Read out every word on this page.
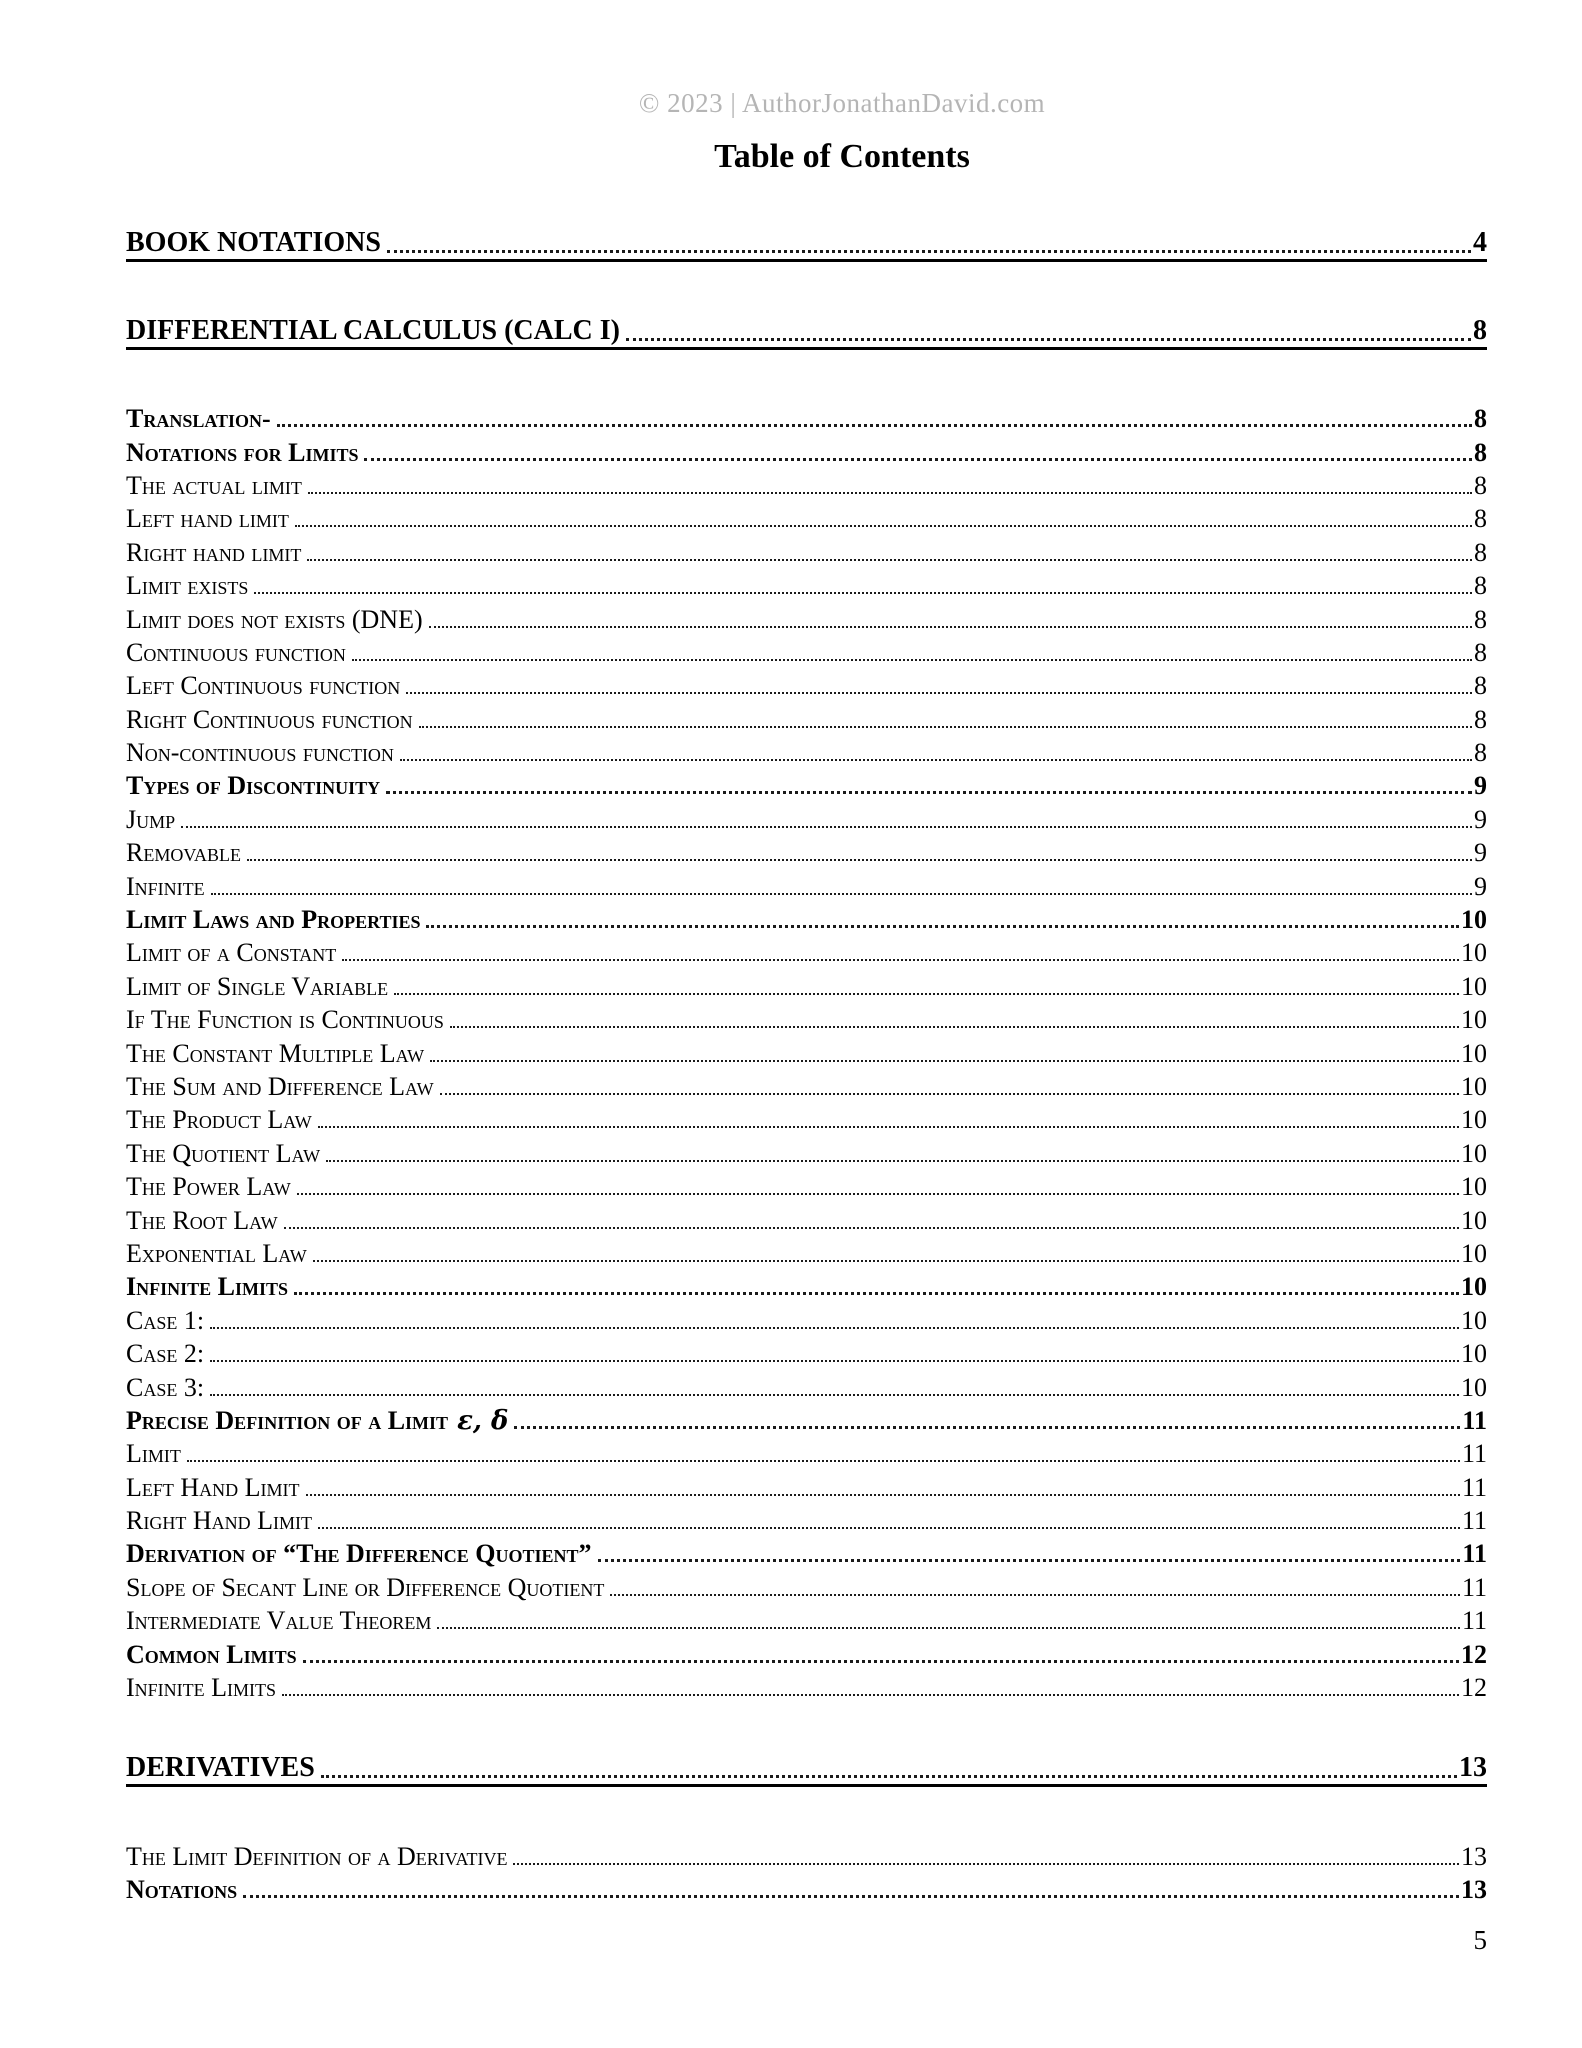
© 2023 | AuthorJonathanDavid.com
Table of Contents
BOOK NOTATIONS	4
DIFFERENTIAL CALCULUS (CALC I)	8
Translation-	8
Notations for Limits	8
The actual limit	8
Left hand limit	8
Right hand limit	8
Limit exists	8
Limit does not exists (DNE)	8
Continuous function	8
Left Continuous function	8
Right Continuous function	8
Non-continuous function	8
Types of Discontinuity	9
Jump	9
Removable	9
Infinite	9
Limit Laws and Properties	10
Limit of a Constant	10
Limit of Single Variable	10
If The Function is Continuous	10
The Constant Multiple Law	10
The Sum and Difference Law	10
The Product Law	10
The Quotient Law	10
The Power Law	10
The Root Law	10
Exponential Law	10
Infinite Limits	10
Case 1:	10
Case 2:	10
Case 3:	10
Precise Definition of a Limit ε, δ	11
Limit	11
Left Hand Limit	11
Right Hand Limit	11
Derivation of “The Difference Quotient”	11
Slope of Secant Line or Difference Quotient	11
Intermediate Value Theorem	11
Common Limits	12
Infinite Limits	12
DERIVATIVES	13
The Limit Definition of a Derivative	13
Notations	13
5
